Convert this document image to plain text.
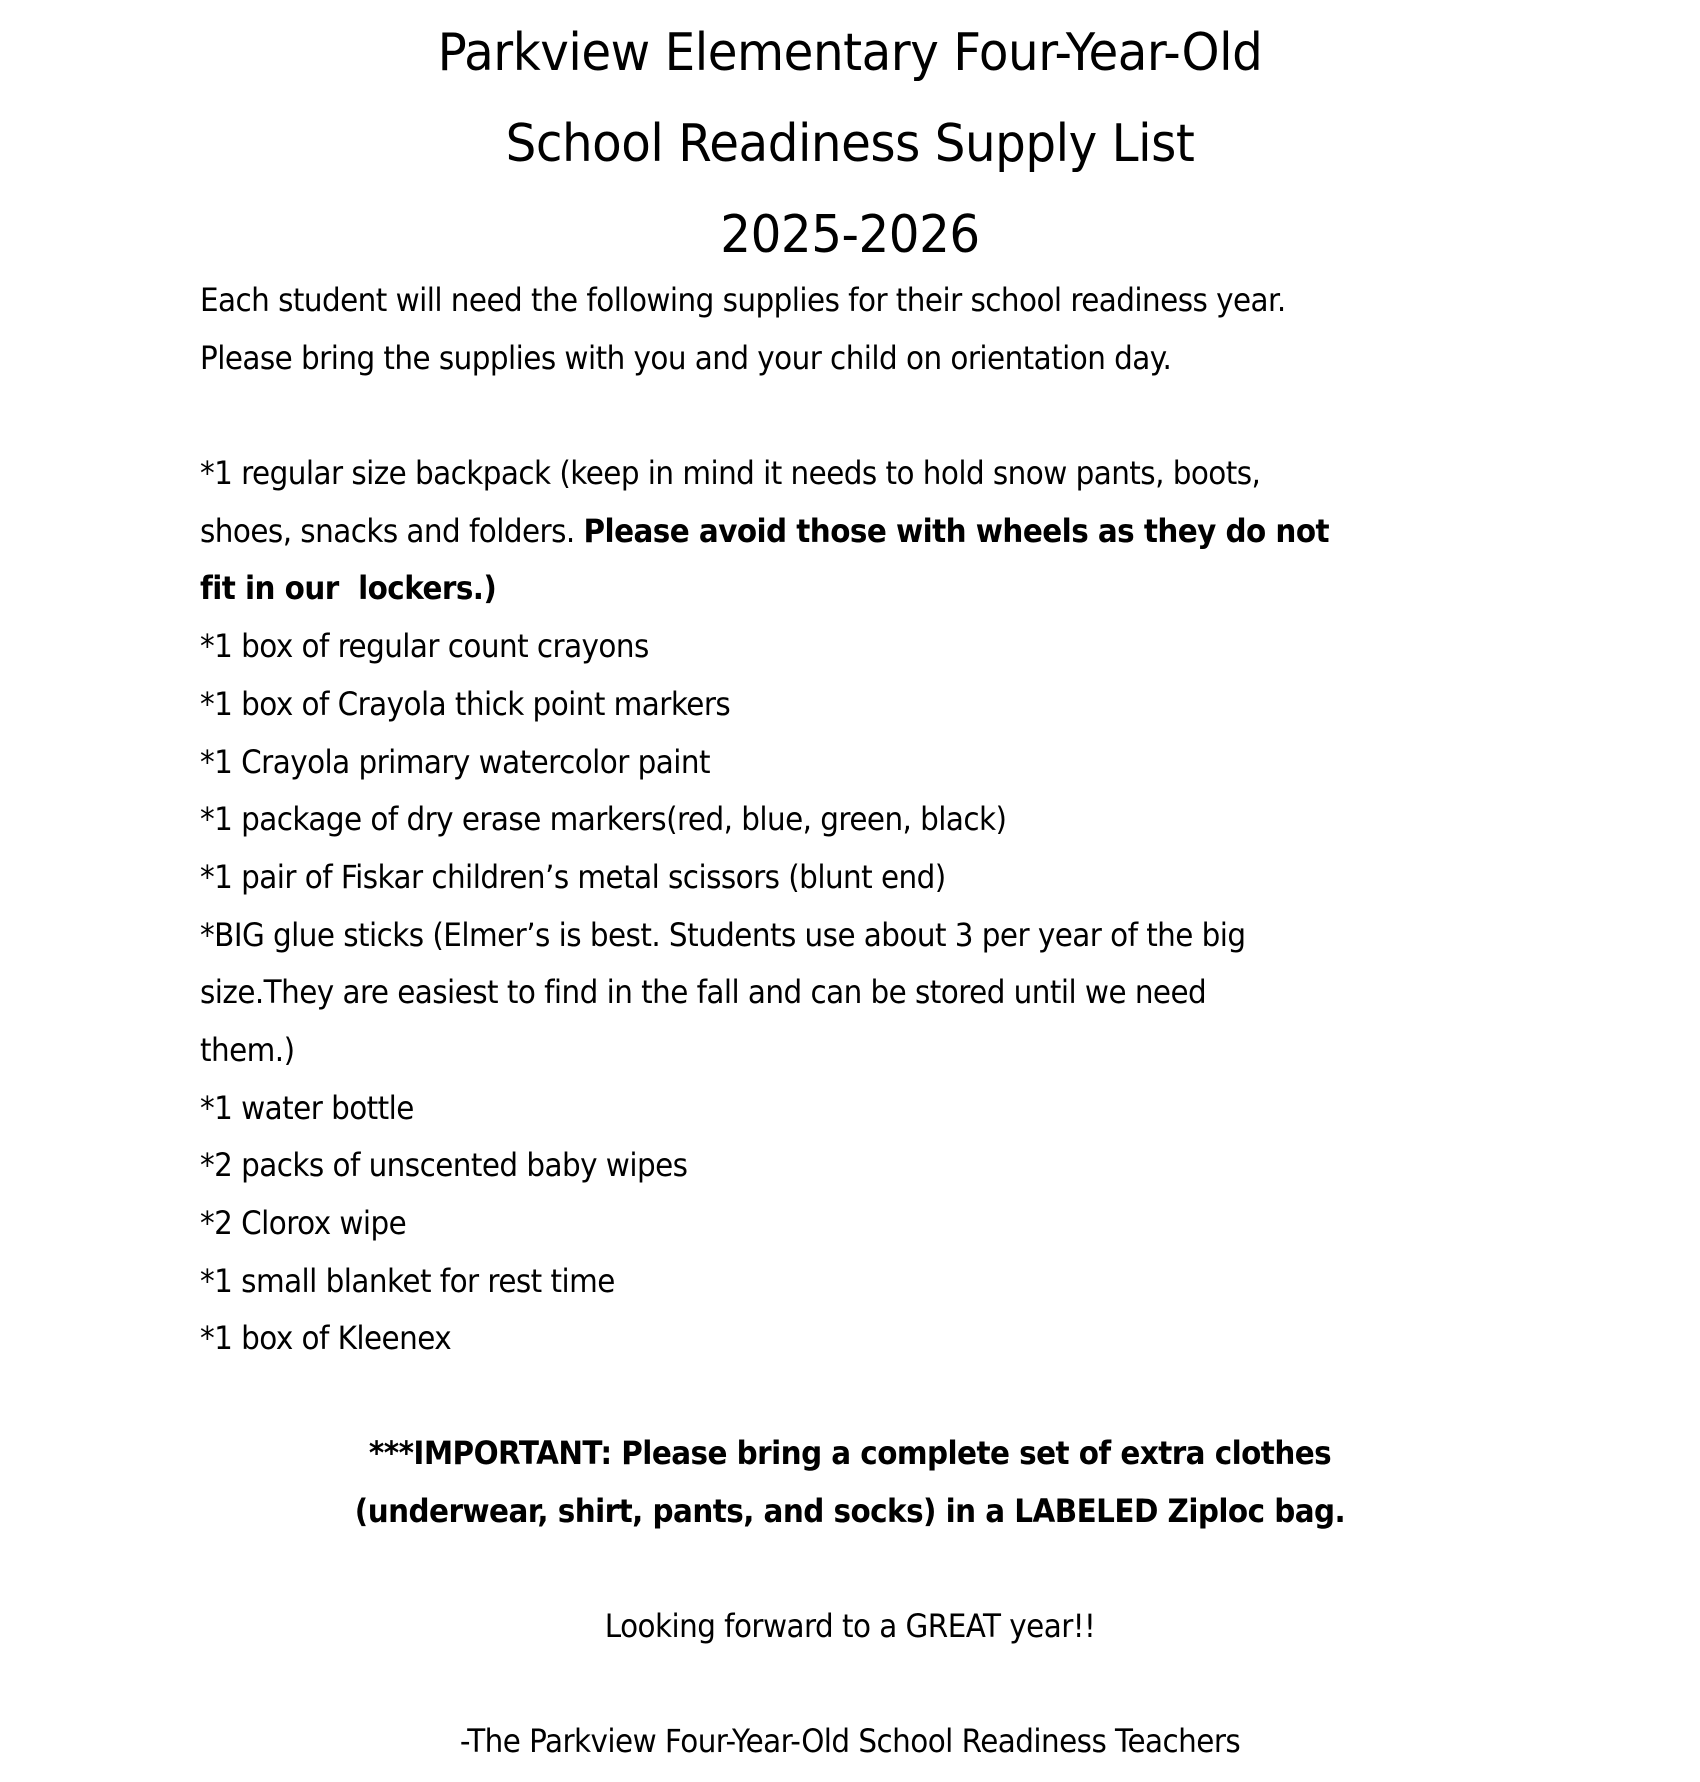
Parkview Elementary Four-Year-Old
School Readiness Supply List
2025-2026
Each student will need the following supplies for their school readiness year.
Please bring the supplies with you and your child on orientation day.
*1 regular size backpack (keep in mind it needs to hold snow pants, boots,
shoes, snacks and folders. Please avoid those with wheels as they do not
fit in our  lockers.)
*1 box of regular count crayons
*1 box of Crayola thick point markers
*1 Crayola primary watercolor paint
*1 package of dry erase markers(red, blue, green, black)
*1 pair of Fiskar children’s metal scissors (blunt end)
*BIG glue sticks (Elmer’s is best. Students use about 3 per year of the big
size.They are easiest to find in the fall and can be stored until we need
them.)
*1 water bottle
*2 packs of unscented baby wipes
*2 Clorox wipe
*1 small blanket for rest time
*1 box of Kleenex
***IMPORTANT: Please bring a complete set of extra clothes
(underwear, shirt, pants, and socks) in a LABELED Ziploc bag.
Looking forward to a GREAT year!!
-The Parkview Four-Year-Old School Readiness Teachers
